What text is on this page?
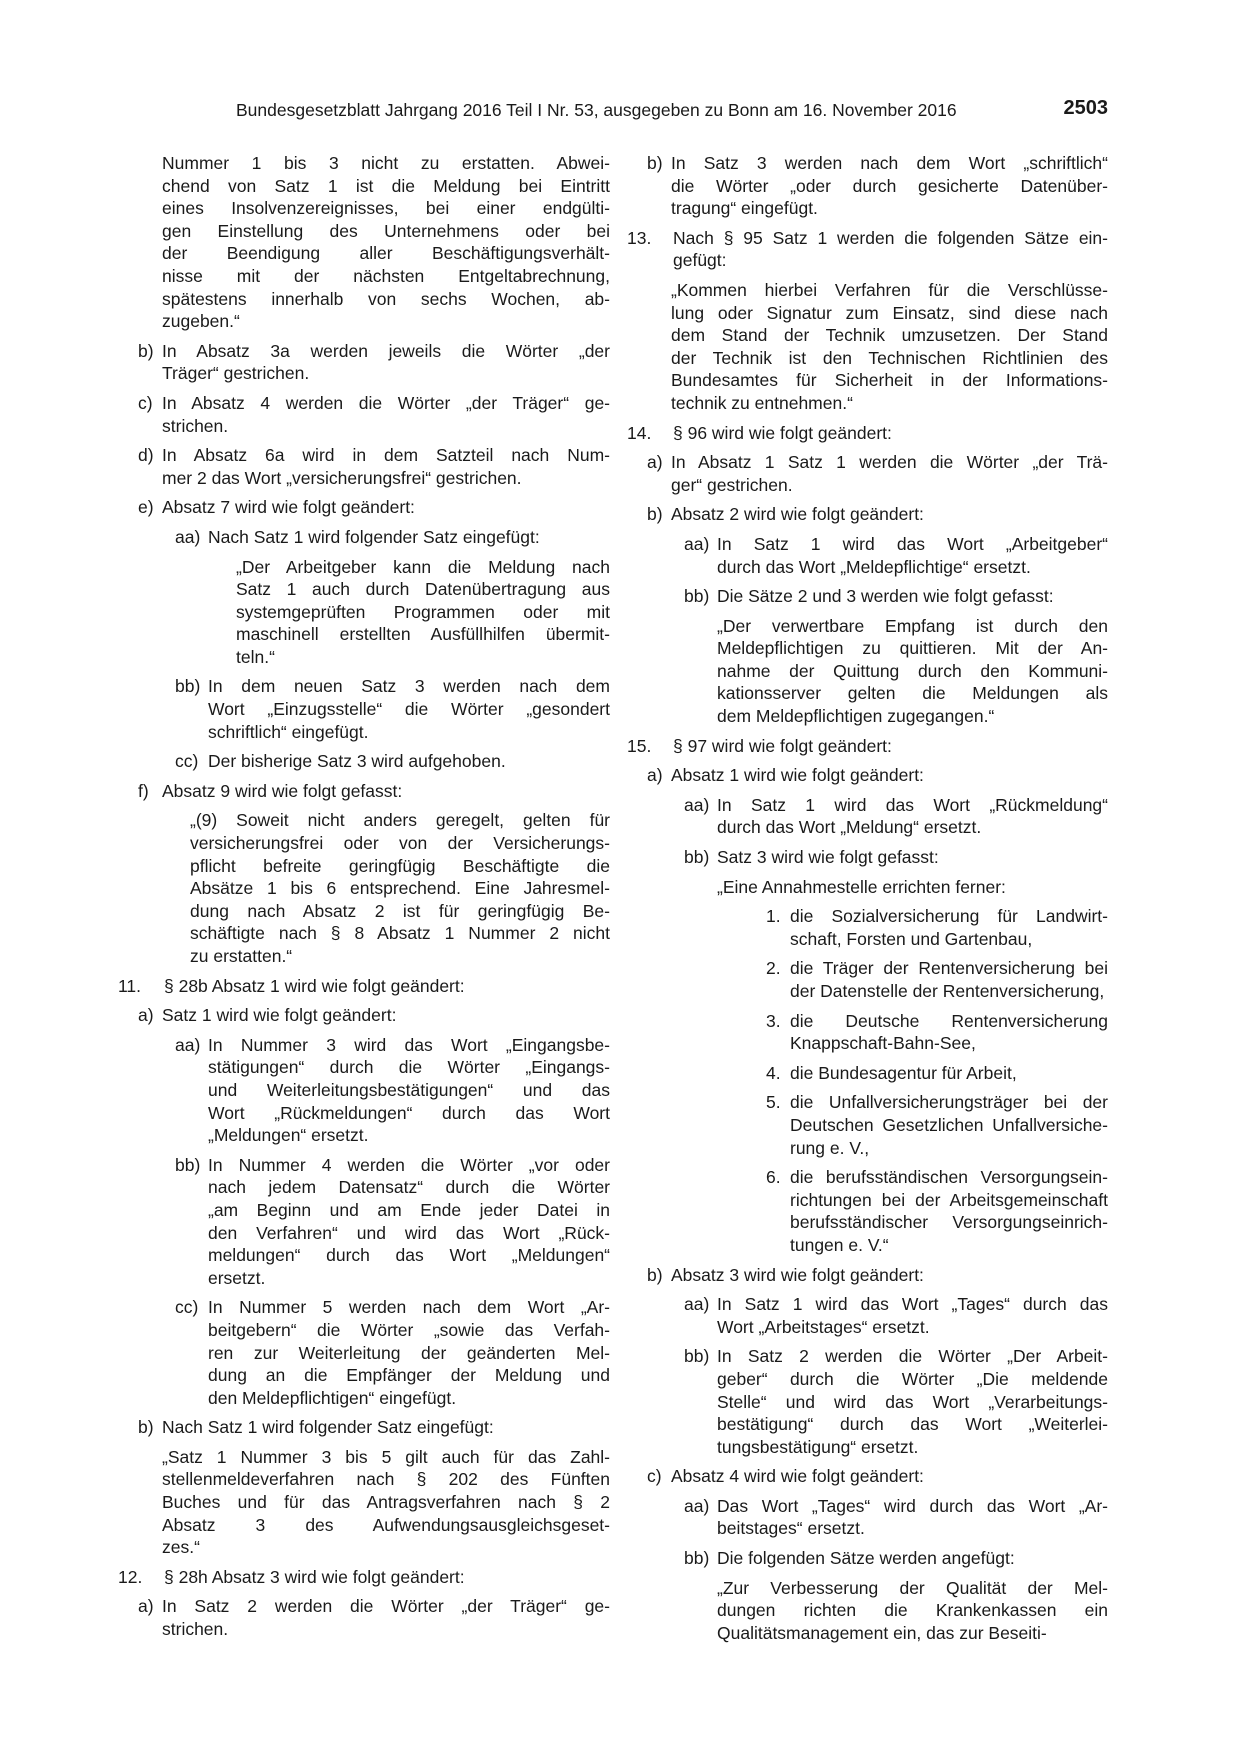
Bundesgesetzblatt Jahrgang 2016 Teil I Nr. 53, ausgegeben zu Bonn am 16. November 2016	2503
Nummer 1 bis 3 nicht zu erstatten. Abwei-
chend von Satz 1 ist die Meldung bei Eintritt
eines Insolvenzereignisses, bei einer endgülti-
gen Einstellung des Unternehmens oder bei
der Beendigung aller Beschäftigungsverhält-
nisse mit der nächsten Entgeltabrechnung,
spätestens innerhalb von sechs Wochen, ab-
zugeben.“
b) In Absatz 3a werden jeweils die Wörter „der
Träger“ gestrichen.
c) In Absatz 4 werden die Wörter „der Träger“ ge-
strichen.
d) In Absatz 6a wird in dem Satzteil nach Num-
mer 2 das Wort „versicherungsfrei“ gestrichen.
e) Absatz 7 wird wie folgt geändert:
aa) Nach Satz 1 wird folgender Satz eingefügt:
„Der Arbeitgeber kann die Meldung nach
Satz 1 auch durch Datenübertragung aus
systemgeprüften Programmen oder mit
maschinell erstellten Ausfüllhilfen übermit-
teln.“
bb) In dem neuen Satz 3 werden nach dem
Wort „Einzugsstelle“ die Wörter „gesondert
schriftlich“ eingefügt.
cc) Der bisherige Satz 3 wird aufgehoben.
f) Absatz 9 wird wie folgt gefasst:
„(9) Soweit nicht anders geregelt, gelten für
versicherungsfrei oder von der Versicherungs-
pflicht befreite geringfügig Beschäftigte die
Absätze 1 bis 6 entsprechend. Eine Jahresmel-
dung nach Absatz 2 ist für geringfügig Be-
schäftigte nach § 8 Absatz 1 Nummer 2 nicht
zu erstatten.“
11. § 28b Absatz 1 wird wie folgt geändert:
a) Satz 1 wird wie folgt geändert:
aa) In Nummer 3 wird das Wort „Eingangsbe-
stätigungen“ durch die Wörter „Eingangs-
und Weiterleitungsbestätigungen“ und das
Wort „Rückmeldungen“ durch das Wort
„Meldungen“ ersetzt.
bb) In Nummer 4 werden die Wörter „vor oder
nach jedem Datensatz“ durch die Wörter
„am Beginn und am Ende jeder Datei in
den Verfahren“ und wird das Wort „Rück-
meldungen“ durch das Wort „Meldungen“
ersetzt.
cc) In Nummer 5 werden nach dem Wort „Ar-
beitgebern“ die Wörter „sowie das Verfah-
ren zur Weiterleitung der geänderten Mel-
dung an die Empfänger der Meldung und
den Meldepflichtigen“ eingefügt.
b) Nach Satz 1 wird folgender Satz eingefügt:
„Satz 1 Nummer 3 bis 5 gilt auch für das Zahl-
stellenmeldeverfahren nach § 202 des Fünften
Buches und für das Antragsverfahren nach § 2
Absatz 3 des Aufwendungsausgleichsgeset-
zes.“
12. § 28h Absatz 3 wird wie folgt geändert:
a) In Satz 2 werden die Wörter „der Träger“ ge-
strichen.
b) In Satz 3 werden nach dem Wort „schriftlich“
die Wörter „oder durch gesicherte Datenüber-
tragung“ eingefügt.
13. Nach § 95 Satz 1 werden die folgenden Sätze ein-
gefügt:
„Kommen hierbei Verfahren für die Verschlüsse-
lung oder Signatur zum Einsatz, sind diese nach
dem Stand der Technik umzusetzen. Der Stand
der Technik ist den Technischen Richtlinien des
Bundesamtes für Sicherheit in der Informations-
technik zu entnehmen.“
14. § 96 wird wie folgt geändert:
a) In Absatz 1 Satz 1 werden die Wörter „der Trä-
ger“ gestrichen.
b) Absatz 2 wird wie folgt geändert:
aa) In Satz 1 wird das Wort „Arbeitgeber“
durch das Wort „Meldepflichtige“ ersetzt.
bb) Die Sätze 2 und 3 werden wie folgt gefasst:
„Der verwertbare Empfang ist durch den
Meldepflichtigen zu quittieren. Mit der An-
nahme der Quittung durch den Kommuni-
kationsserver gelten die Meldungen als
dem Meldepflichtigen zugegangen.“
15. § 97 wird wie folgt geändert:
a) Absatz 1 wird wie folgt geändert:
aa) In Satz 1 wird das Wort „Rückmeldung“
durch das Wort „Meldung“ ersetzt.
bb) Satz 3 wird wie folgt gefasst:
„Eine Annahmestelle errichten ferner:
1. die Sozialversicherung für Landwirt-
schaft, Forsten und Gartenbau,
2. die Träger der Rentenversicherung bei
der Datenstelle der Rentenversicherung,
3. die Deutsche Rentenversicherung
Knappschaft-Bahn-See,
4. die Bundesagentur für Arbeit,
5. die Unfallversicherungsträger bei der
Deutschen Gesetzlichen Unfallversiche-
rung e. V.,
6. die berufsständischen Versorgungsein-
richtungen bei der Arbeitsgemeinschaft
berufsständischer Versorgungseinrich-
tungen e. V.“
b) Absatz 3 wird wie folgt geändert:
aa) In Satz 1 wird das Wort „Tages“ durch das
Wort „Arbeitstages“ ersetzt.
bb) In Satz 2 werden die Wörter „Der Arbeit-
geber“ durch die Wörter „Die meldende
Stelle“ und wird das Wort „Verarbeitungs-
bestätigung“ durch das Wort „Weiterlei-
tungsbestätigung“ ersetzt.
c) Absatz 4 wird wie folgt geändert:
aa) Das Wort „Tages“ wird durch das Wort „Ar-
beitstages“ ersetzt.
bb) Die folgenden Sätze werden angefügt:
„Zur Verbesserung der Qualität der Mel-
dungen richten die Krankenkassen ein
Qualitätsmanagement ein, das zur Beseiti-
